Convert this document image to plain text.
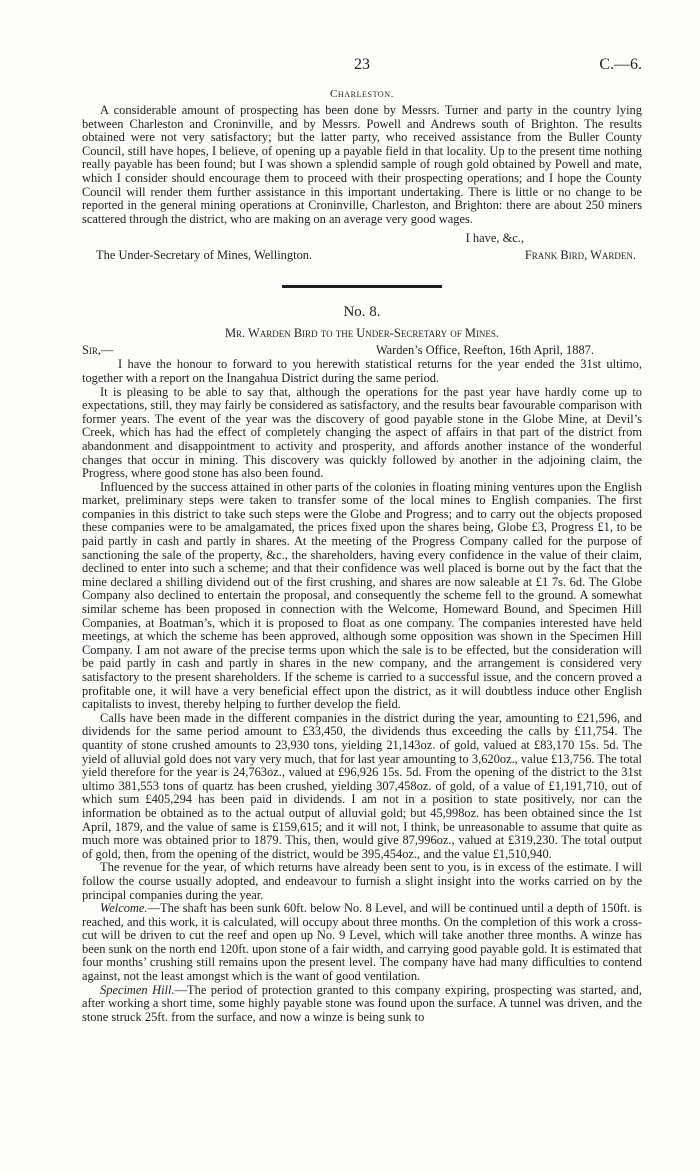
23	C.—6.
Charleston.

A considerable amount of prospecting has been done by Messrs. Turner and party in the country lying between Charleston and Croninville, and by Messrs. Powell and Andrews south of Brighton. The results obtained were not very satisfactory; but the latter party, who received assistance from the Buller County Council, still have hopes, I believe, of opening up a payable field in that locality. Up to the present time nothing really payable has been found; but I was shown a splendid sample of rough gold obtained by Powell and mate, which I consider should encourage them to proceed with their prospecting operations; and I hope the County Council will render them further assistance in this important undertaking. There is little or no change to be reported in the general mining operations at Croninville, Charleston, and Brighton: there are about 250 miners scattered through the district, who are making on an average very good wages.

I have, &c.,
The Under-Secretary of Mines, Wellington.	Frank Bird, Warden.
No. 8.
Mr. Warden Bird to the Under-Secretary of Mines.
Sir,—	Warden’s Office, Reefton, 16th April, 1887.

I have the honour to forward to you herewith statistical returns for the year ended the 31st ultimo, together with a report on the Inangahua District during the same period.

It is pleasing to be able to say that, although the operations for the past year have hardly come up to expectations, still, they may fairly be considered as satisfactory, and the results bear favourable comparison with former years. The event of the year was the discovery of good payable stone in the Globe Mine, at Devil’s Creek, which has had the effect of completely changing the aspect of affairs in that part of the district from abandonment and disappointment to activity and prosperity, and affords another instance of the wonderful changes that occur in mining. This discovery was quickly followed by another in the adjoining claim, the Progress, where good stone has also been found.

Influenced by the success attained in other parts of the colonies in floating mining ventures upon the English market, preliminary steps were taken to transfer some of the local mines to English companies. The first companies in this district to take such steps were the Globe and Progress; and to carry out the objects proposed these companies were to be amalgamated, the prices fixed upon the shares being, Globe £3, Progress £1, to be paid partly in cash and partly in shares. At the meeting of the Progress Company called for the purpose of sanctioning the sale of the property, &c., the shareholders, having every confidence in the value of their claim, declined to enter into such a scheme; and that their confidence was well placed is borne out by the fact that the mine declared a shilling dividend out of the first crushing, and shares are now saleable at £1 7s. 6d. The Globe Company also declined to entertain the proposal, and consequently the scheme fell to the ground. A somewhat similar scheme has been proposed in connection with the Welcome, Homeward Bound, and Specimen Hill Companies, at Boatman’s, which it is proposed to float as one company. The companies interested have held meetings, at which the scheme has been approved, although some opposition was shown in the Specimen Hill Company. I am not aware of the precise terms upon which the sale is to be effected, but the consideration will be paid partly in cash and partly in shares in the new company, and the arrangement is considered very satisfactory to the present shareholders. If the scheme is carried to a successful issue, and the concern proved a profitable one, it will have a very beneficial effect upon the district, as it will doubtless induce other English capitalists to invest, thereby helping to further develop the field.

Calls have been made in the different companies in the district during the year, amounting to £21,596, and dividends for the same period amount to £33,450, the dividends thus exceeding the calls by £11,754. The quantity of stone crushed amounts to 23,930 tons, yielding 21,143oz. of gold, valued at £83,170 15s. 5d. The yield of alluvial gold does not vary very much, that for last year amounting to 3,620oz., value £13,756. The total yield therefore for the year is 24,763oz., valued at £96,926 15s. 5d. From the opening of the district to the 31st ultimo 381,553 tons of quartz has been crushed, yielding 307,458oz. of gold, of a value of £1,191,710, out of which sum £405,294 has been paid in dividends. I am not in a position to state positively, nor can the information be obtained as to the actual output of alluvial gold; but 45,998oz. has been obtained since the 1st April, 1879, and the value of same is £159,615; and it will not, I think, be unreasonable to assume that quite as much more was obtained prior to 1879. This, then, would give 87,996oz., valued at £319,230. The total output of gold, then, from the opening of the district, would be 395,454oz., and the value £1,510,940.

The revenue for the year, of which returns have already been sent to you, is in excess of the estimate. I will follow the course usually adopted, and endeavour to furnish a slight insight into the works carried on by the principal companies during the year.

Welcome.—The shaft has been sunk 60ft. below No. 8 Level, and will be continued until a depth of 150ft. is reached, and this work, it is calculated, will occupy about three months. On the completion of this work a cross-cut will be driven to cut the reef and open up No. 9 Level, which will take another three months. A winze has been sunk on the north end 120ft. upon stone of a fair width, and carrying good payable gold. It is estimated that four months’ crushing still remains upon the present level. The company have had many difficulties to contend against, not the least amongst which is the want of good ventilation.

Specimen Hill.—The period of protection granted to this company expiring, prospecting was started, and, after working a short time, some highly payable stone was found upon the surface. A tunnel was driven, and the stone struck 25ft. from the surface, and now a winze is being sunk to
